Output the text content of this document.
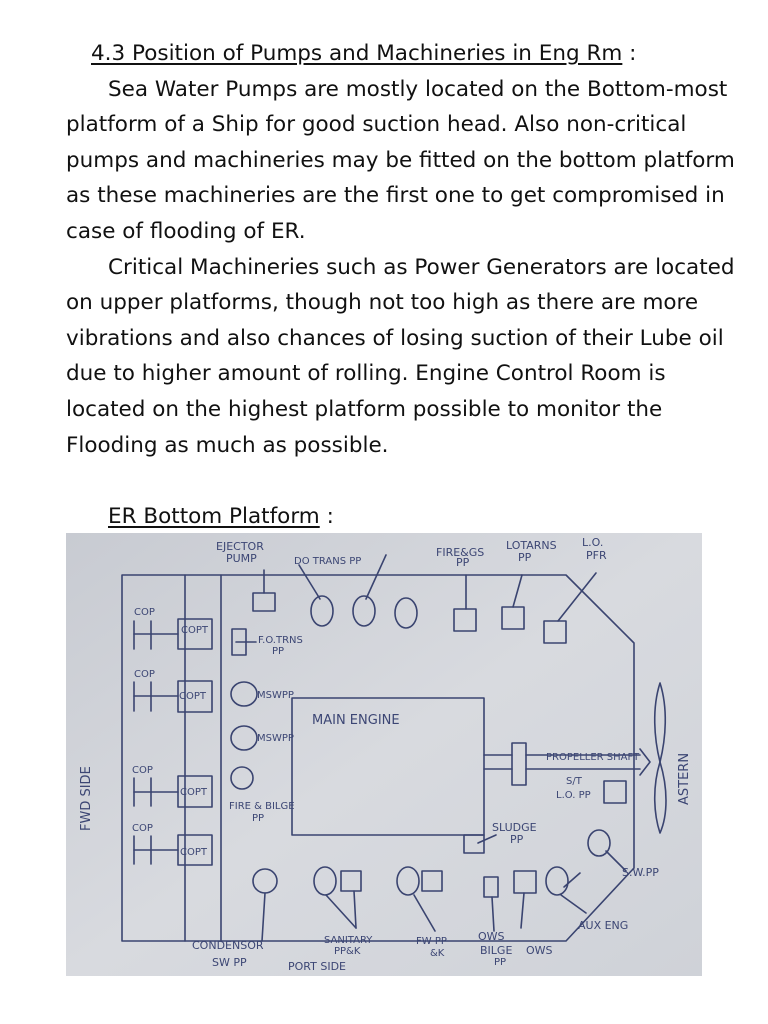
4.3 Position of Pumps and Machineries in Eng Rm :

Sea Water Pumps are mostly located on the Bottom-most platform of a Ship for good suction head. Also non-critical pumps and machineries may be fitted on the bottom platform as these machineries are the first one to get compromised in case of flooding of ER.

Critical Machineries such as Power Generators are located on upper platforms, though not too high as there are more vibrations and also chances of losing suction of their Lube oil due to higher amount of rolling. Engine Control Room is located on the highest platform possible to monitor the Flooding as much as possible.

ER Bottom Platform :
EJECTOR
PUMP	DO TRANS PP
FIRE&GS
PP
LOTARNS
PP
L.O.
PFR
COP
COP
COP
COP
COPT
COPT
COPT
COPT
F.O.TRNS
PP
MSWPP
MSWPP
MAIN ENGINE
PROPELLER SHAFT
S/T
L.O. PP
FIRE & BILGE
PP
SLUDGE
PP
S.W.PP
AUX ENG
CONDENSOR
SW PP
SANITARY
PP&K
PORT SIDE
FW PP
&K
OWS
BILGE
PP
OWS
FWD SIDE	ASTERN
